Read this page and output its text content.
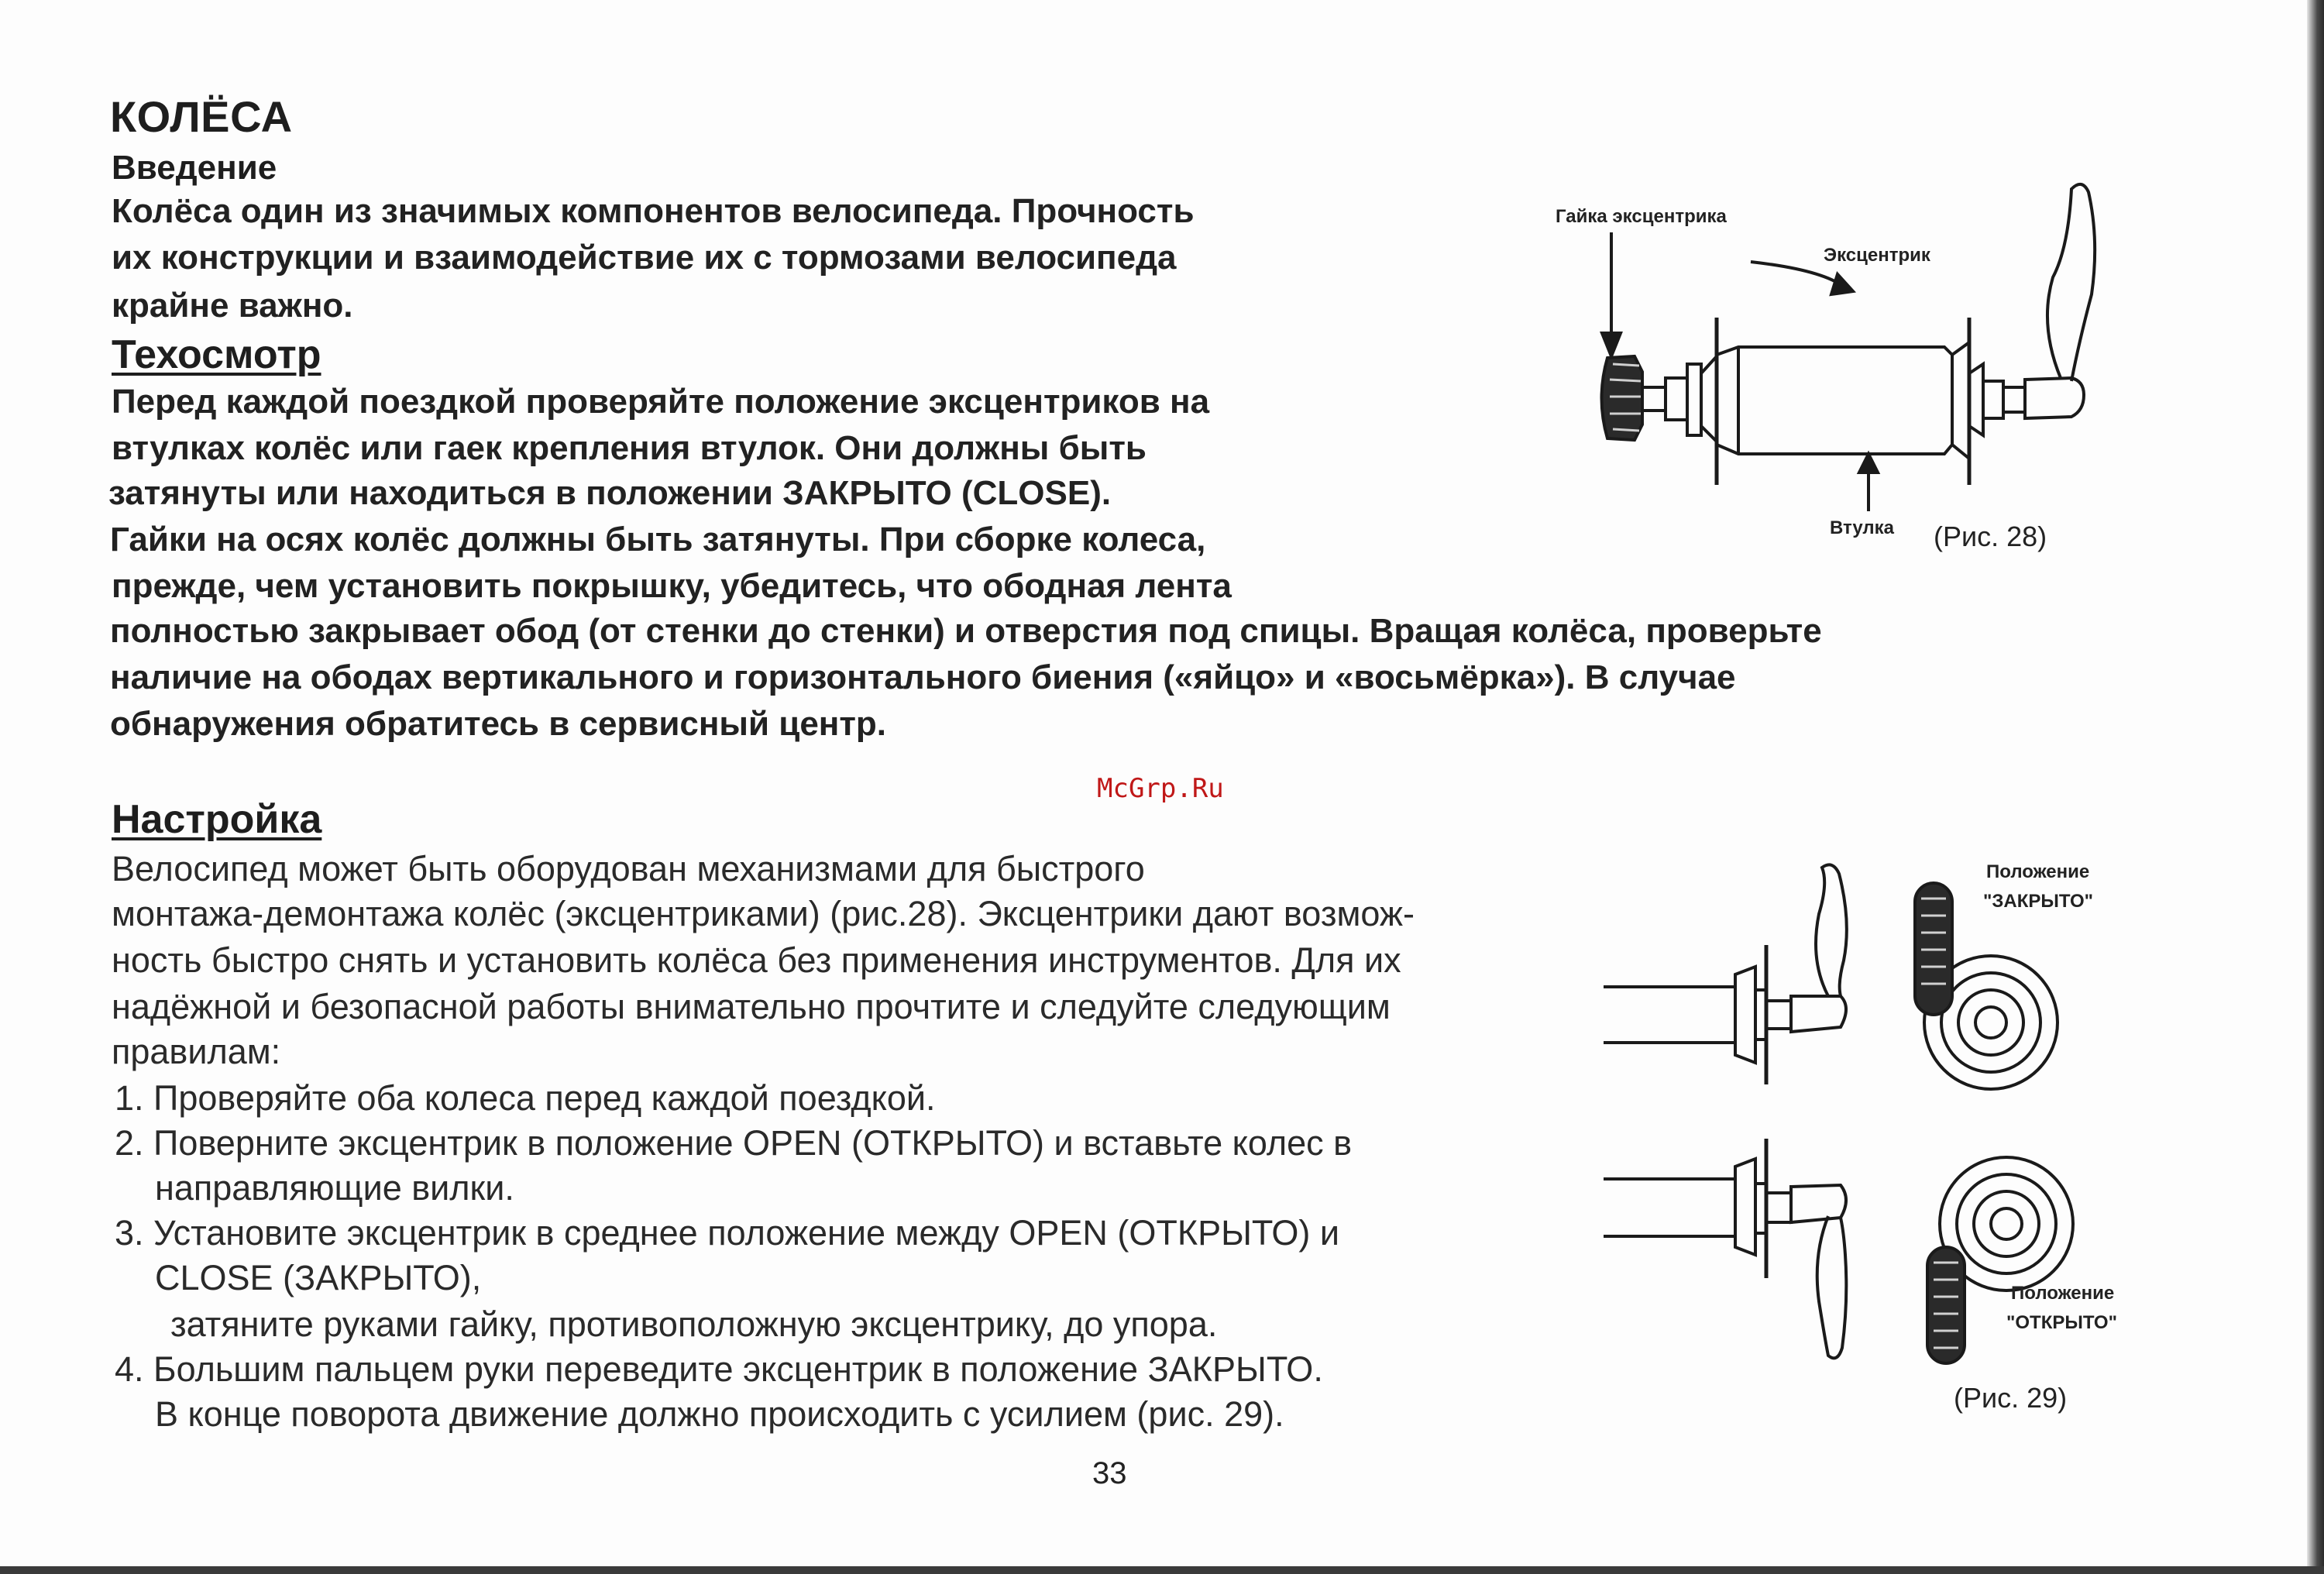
КОЛЁСА

Введение

Колёса один из значимых компонентов велосипеда. Прочность

их конструкции и взаимодействие их с тормозами велосипеда

крайне важно.

Техосмотр

Перед каждой поездкой проверяйте положение эксцентриков на

втулках колёс или гаек крепления втулок. Они должны быть

затянуты или находиться в положении ЗАКРЫТО (CLOSE).

Гайки на осях колёс должны быть затянуты. При сборке колеса,

прежде, чем установить покрышку, убедитесь, что ободная лента

полностью закрывает обод (от стенки до стенки) и отверстия под спицы. Вращая колёса, проверьте

наличие на ободах вертикального и горизонтального биения («яйцо» и «восьмёрка»). В случае

обнаружения обратитесь в сервисный центр.

McGrp.Ru

Настройка

Велосипед может быть оборудован механизмами для быстрого

монтажа-демонтажа колёс (эксцентриками) (рис.28). Эксцентрики дают возмож-

ность быстро снять и установить колёса без применения инструментов. Для их

надёжной и безопасной работы внимательно прочтите и следуйте следующим

правилам:

1. Проверяйте оба колеса перед каждой поездкой.

2. Поверните эксцентрик в положение OPEN (ОТКРЫТО) и вставьте колес в

направляющие вилки.

3. Установите эксцентрик в среднее положение между OPEN (ОТКРЫТО) и

CLOSE (ЗАКРЫТО),

затяните руками гайку, противоположную эксцентрику, до упора.

4. Большим пальцем руки переведите эксцентрик в положение ЗАКРЫТО.

В конце поворота движение должно происходить с усилием (рис. 29).

33

Гайка эксцентрика

Эксцентрик

Втулка (Рис. 28)

Положение

"ЗАКРЫТО"

Положение

"ОТКРЫТО"

(Рис. 29)
